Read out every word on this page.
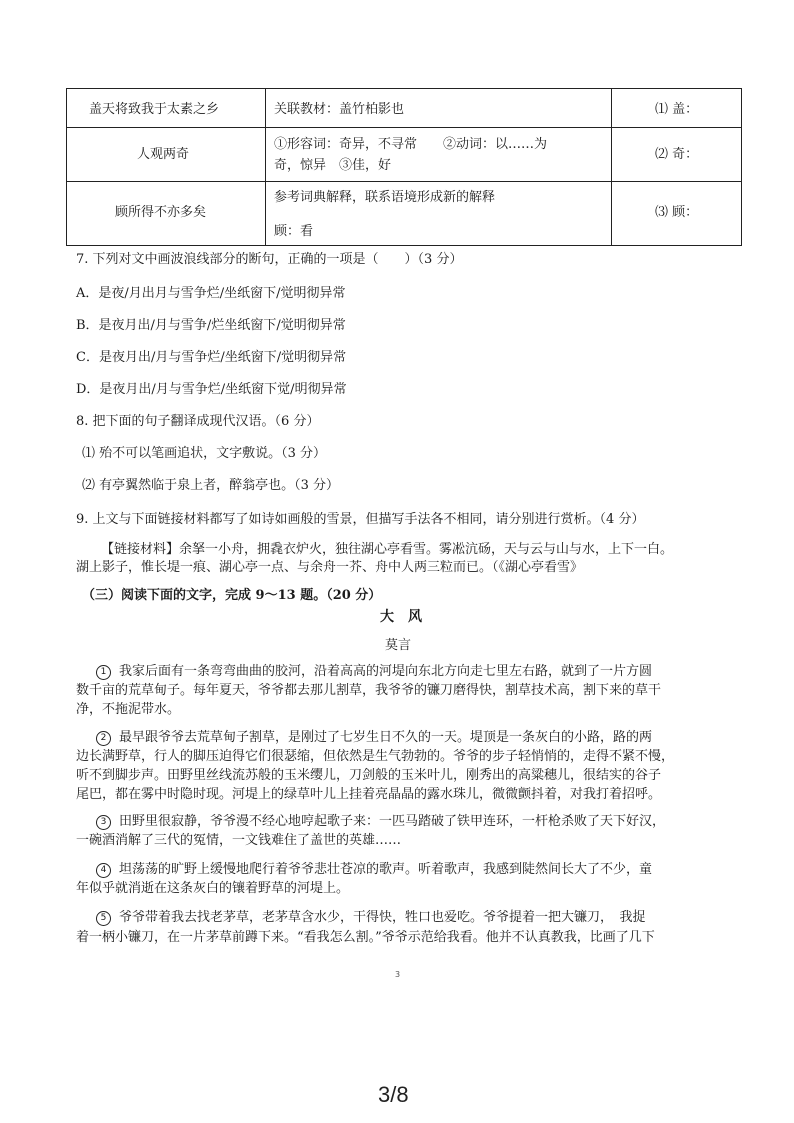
盖天将致我于太素之乡	关联教材：盖竹柏影也	⑴ 盖：
人观两奇
①形容词：奇异，不寻常　　②动词：以……为
奇，惊异　③佳，好
⑵ 奇：
顾所得不亦多矣
参考词典解释，联系语境形成新的解释
顾：看
⑶ 顾：
7. 下列对文中画波浪线部分的断句，正确的一项是（　　）（3 分）
A．是夜/月出月与雪争烂/坐纸窗下/觉明彻异常
B．是夜月出/月与雪争/烂坐纸窗下/觉明彻异常
C．是夜月出/月与雪争烂/坐纸窗下/觉明彻异常
D．是夜月出/月与雪争烂/坐纸窗下觉/明彻异常
8. 把下面的句子翻译成现代汉语。（6 分）
⑴ 殆不可以笔画追状，文字敷说。（3 分）
⑵ 有亭翼然临于泉上者，醉翁亭也。（3 分）
9. 上文与下面链接材料都写了如诗如画般的雪景，但描写手法各不相同，请分别进行赏析。（4 分）
【链接材料】余拏一小舟，拥毳衣炉火，独往湖心亭看雪。雾凇沆砀，天与云与山与水，上下一白。
湖上影子，惟长堤一痕、湖心亭一点、与余舟一芥、舟中人两三粒而已。（《湖心亭看雪》
（三）阅读下面的文字，完成 9～13 题。（20 分）
大　风
莫言
1 我家后面有一条弯弯曲曲的胶河，沿着高高的河堤向东北方向走七里左右路，就到了一片方圆
数千亩的荒草甸子。每年夏天，爷爷都去那儿割草，我爷爷的镰刀磨得快，割草技术高，割下来的草干
净，不拖泥带水。
2 最早跟爷爷去荒草甸子割草，是刚过了七岁生日不久的一天。堤顶是一条灰白的小路，路的两
边长满野草，行人的脚压迫得它们很瑟缩，但依然是生气勃勃的。爷爷的步子轻悄悄的，走得不紧不慢，
听不到脚步声。田野里丝线流苏般的玉米缨儿，刀剑般的玉米叶儿，刚秀出的高粱穗儿，很结实的谷子
尾巴，都在雾中时隐时现。河堤上的绿草叶儿上挂着亮晶晶的露水珠儿，微微颤抖着，对我打着招呼。
3 田野里很寂静，爷爷漫不经心地哼起歌子来：一匹马踏破了铁甲连环，一杆枪杀败了天下好汉，
一碗酒消解了三代的冤情，一文钱难住了盖世的英雄……
4 坦荡荡的旷野上缓慢地爬行着爷爷悲壮苍凉的歌声。听着歌声，我感到陡然间长大了不少，童
年似乎就消逝在这条灰白的镶着野草的河堤上。
5 爷爷带着我去找老茅草，老茅草含水少，干得快，牲口也爱吃。爷爷提着一把大镰刀，　我捉
着一柄小镰刀，在一片茅草前蹲下来。“看我怎么割。”爷爷示范给我看。他并不认真教我，比画了几下
3
3/8
